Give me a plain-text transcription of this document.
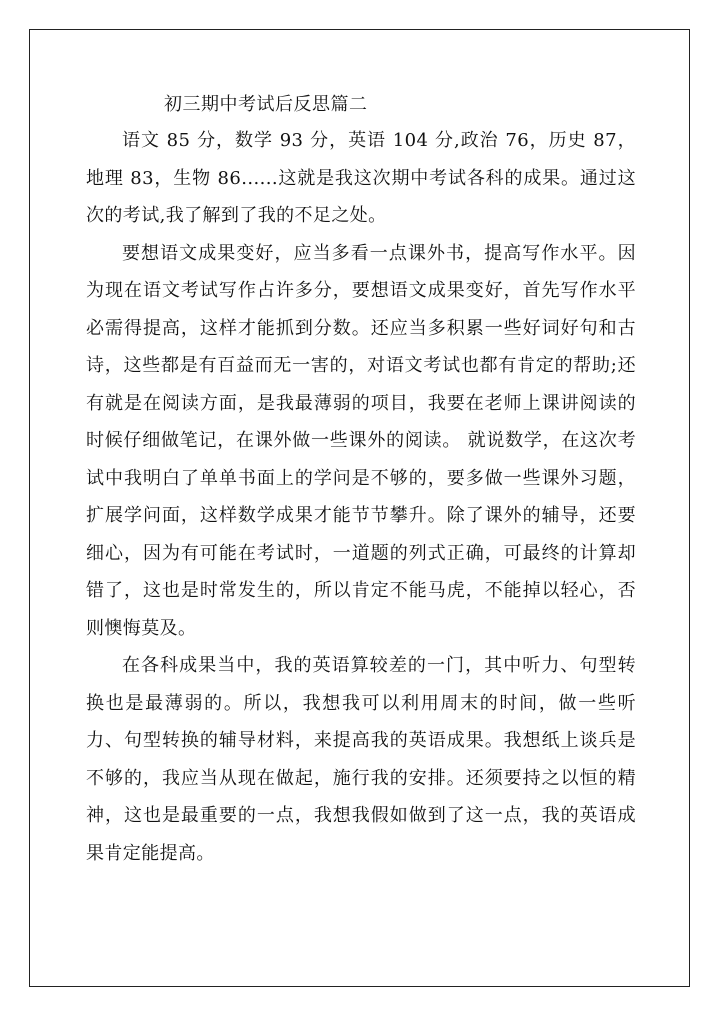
初三期中考试后反思篇二

语文 85 分，数学 93 分，英语 104 分,政治 76，历史 87，地理 83，生物 86......这就是我这次期中考试各科的成果。通过这次的考试,我了解到了我的不足之处。

要想语文成果变好，应当多看一点课外书，提高写作水平。因为现在语文考试写作占许多分，要想语文成果变好，首先写作水平必需得提高，这样才能抓到分数。还应当多积累一些好词好句和古诗，这些都是有百益而无一害的，对语文考试也都有肯定的帮助;还有就是在阅读方面，是我最薄弱的项目，我要在老师上课讲阅读的时候仔细做笔记，在课外做一些课外的阅读。 就说数学，在这次考试中我明白了单单书面上的学问是不够的，要多做一些课外习题，扩展学问面，这样数学成果才能节节攀升。除了课外的辅导，还要细心，因为有可能在考试时，一道题的列式正确，可最终的计算却错了，这也是时常发生的，所以肯定不能马虎，不能掉以轻心，否则懊悔莫及。

在各科成果当中，我的英语算较差的一门，其中听力、句型转换也是最薄弱的。所以，我想我可以利用周末的时间，做一些听力、句型转换的辅导材料，来提高我的英语成果。我想纸上谈兵是不够的，我应当从现在做起，施行我的安排。还须要持之以恒的精神，这也是最重要的一点，我想我假如做到了这一点，我的英语成果肯定能提高。
